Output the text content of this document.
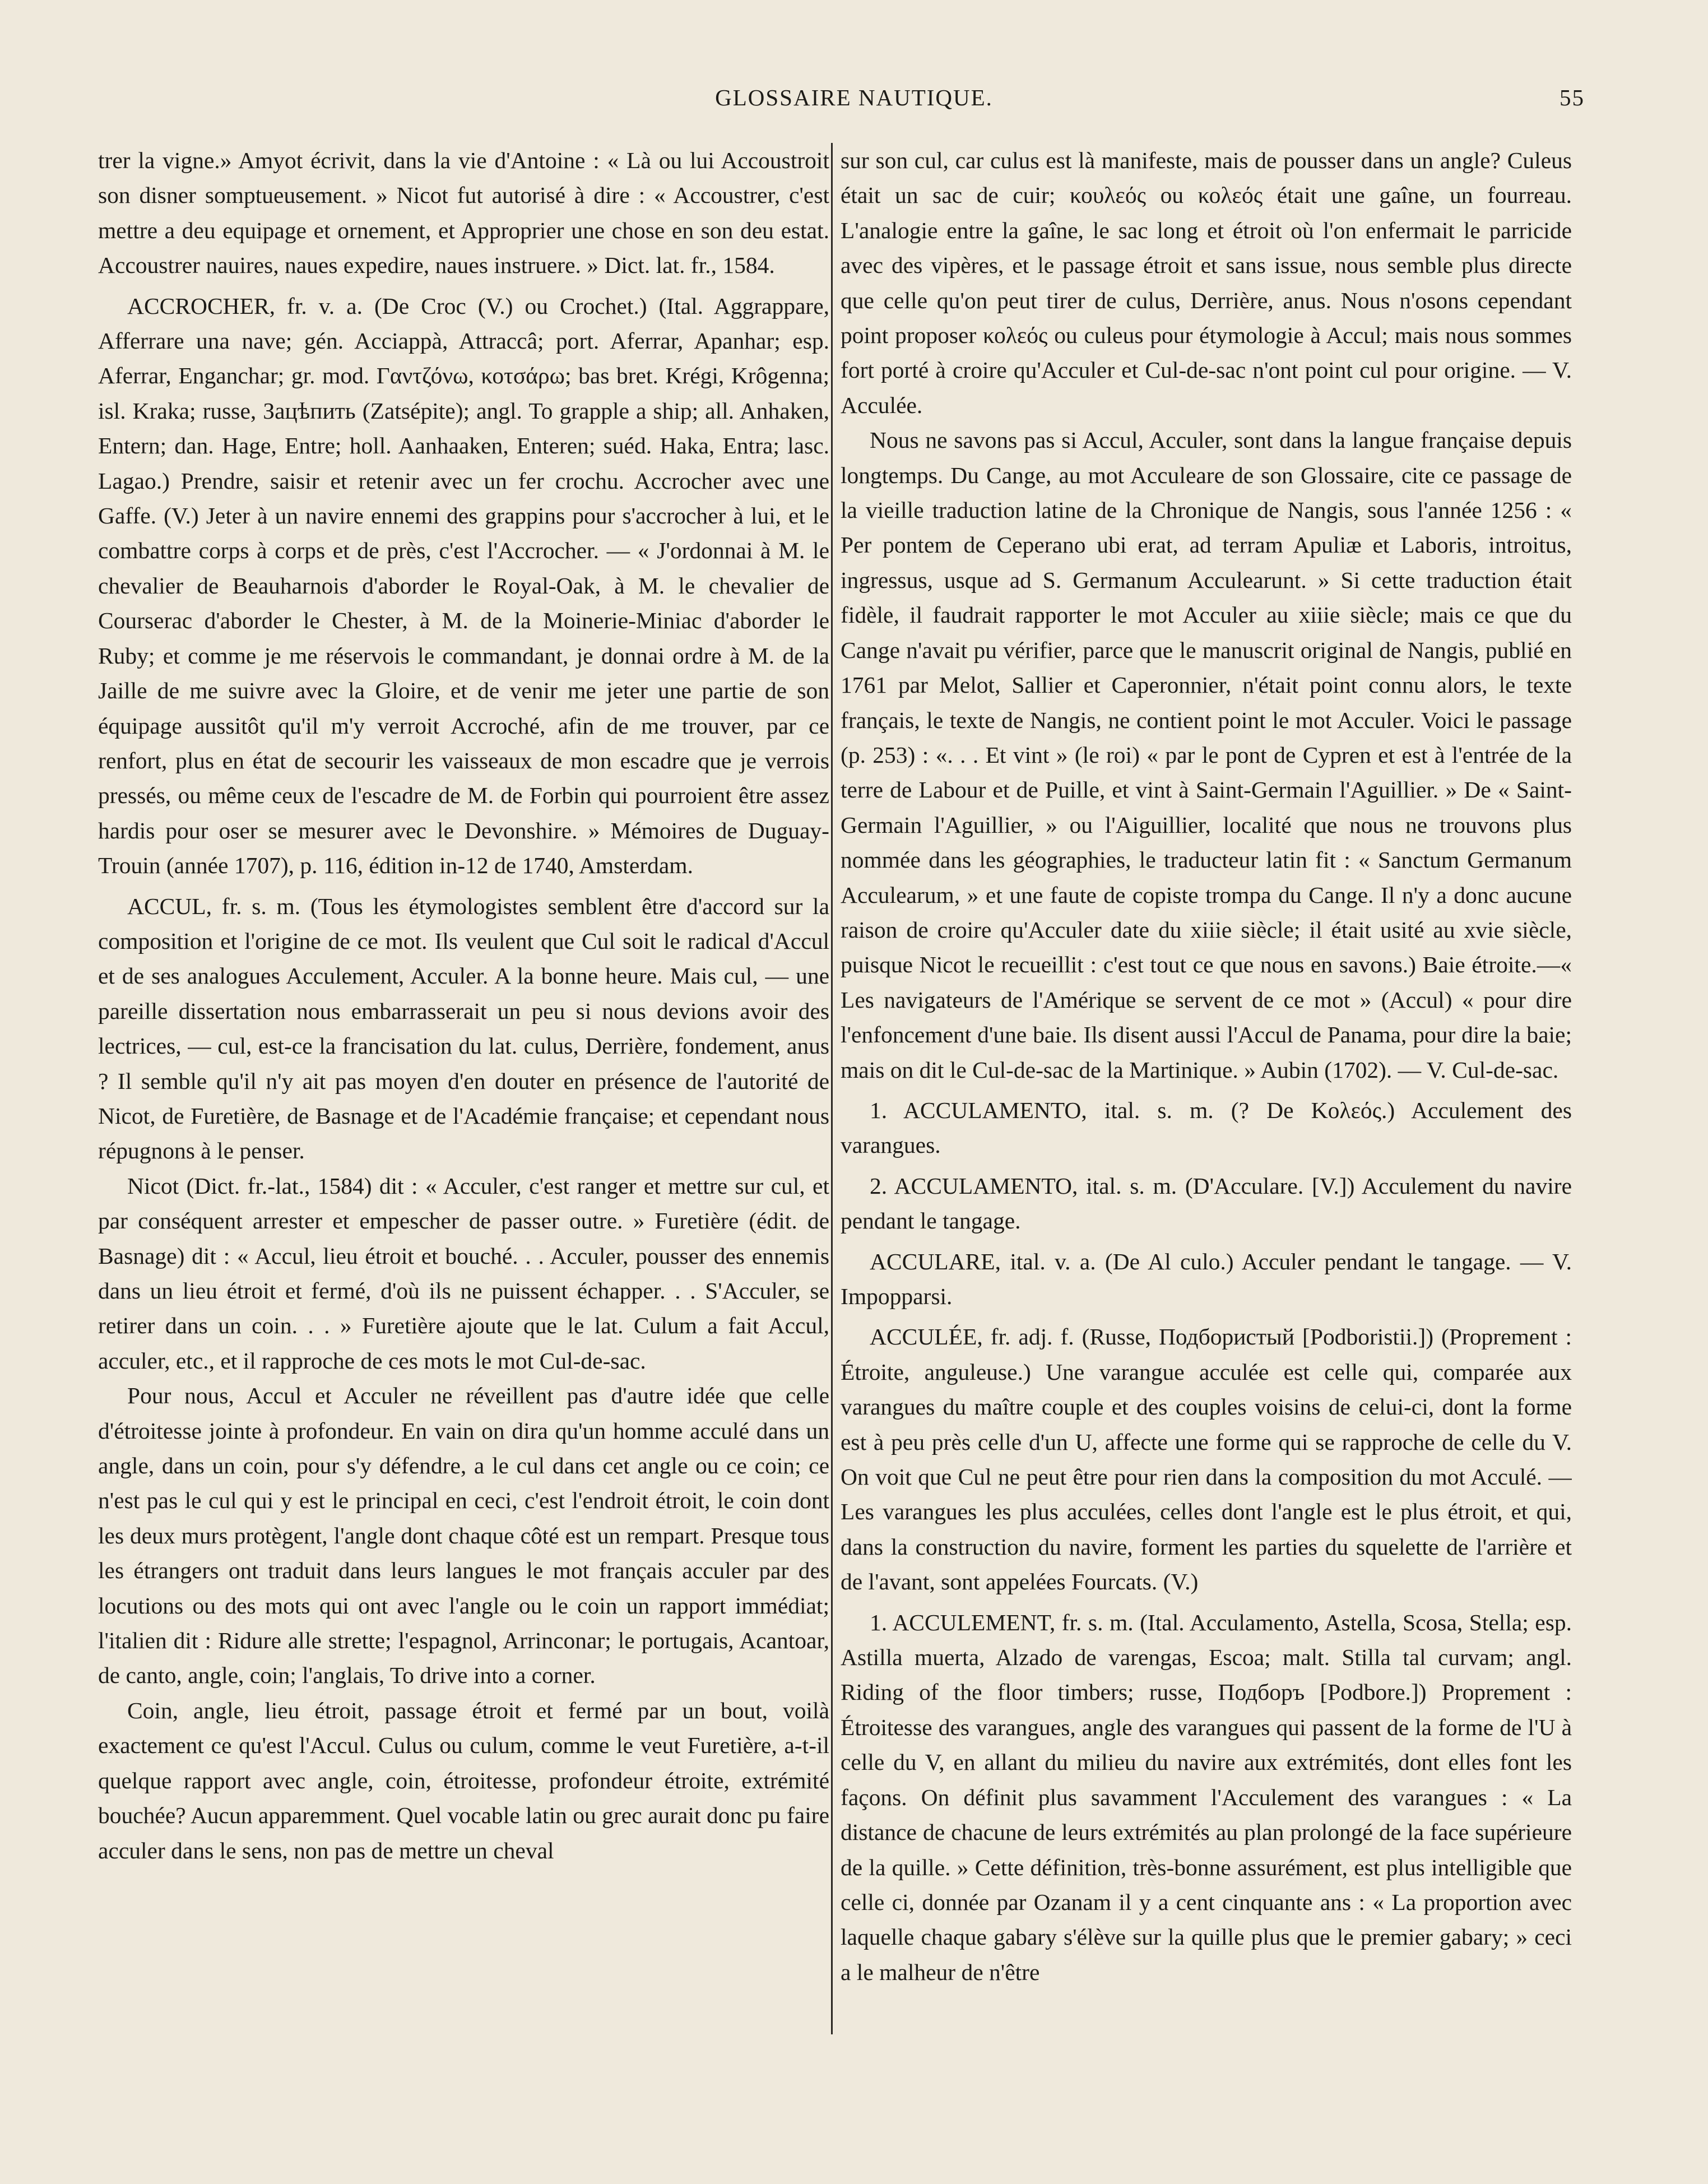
GLOSSAIRE NAUTIQUE.	55

trer la vigne.» Amyot écrivit, dans la vie d'Antoine : « Là ou lui Accoustroit son disner somptueusement. » Nicot fut autorisé à dire : « Accoustrer, c'est mettre a deu equipage et ornement, et Approprier une chose en son deu estat. Accoustrer nauires, naues expedire, naues instruere. » Dict. lat. fr., 1584.

ACCROCHER, fr. v. a. (De Croc (V.) ou Crochet.) (Ital. Aggrappare, Afferrare una nave; gén. Acciappà, Attraccâ; port. Aferrar, Apanhar; esp. Aferrar, Enganchar; gr. mod. Γαντζόνω, κοτσάρω; bas bret. Krégi, Krôgenna; isl. Kraka; russe, Зацѣпить (Zatsépite); angl. To grapple a ship; all. Anhaken, Entern; dan. Hage, Entre; holl. Aanhaaken, Enteren; suéd. Haka, Entra; lasc. Lagao.) Prendre, saisir et retenir avec un fer crochu. Accrocher avec une Gaffe. (V.) Jeter à un navire ennemi des grappins pour s'accrocher à lui, et le combattre corps à corps et de près, c'est l'Accrocher. — « J'ordonnai à M. le chevalier de Beauharnois d'aborder le Royal-Oak, à M. le chevalier de Courserac d'aborder le Chester, à M. de la Moinerie-Miniac d'aborder le Ruby; et comme je me réservois le commandant, je donnai ordre à M. de la Jaille de me suivre avec la Gloire, et de venir me jeter une partie de son équipage aussitôt qu'il m'y verroit Accroché, afin de me trouver, par ce renfort, plus en état de secourir les vaisseaux de mon escadre que je verrois pressés, ou même ceux de l'escadre de M. de Forbin qui pourroient être assez hardis pour oser se mesurer avec le Devonshire. » Mémoires de Duguay-Trouin (année 1707), p. 116, édition in-12 de 1740, Amsterdam.

ACCUL, fr. s. m. (Tous les étymologistes semblent être d'accord sur la composition et l'origine de ce mot. Ils veulent que Cul soit le radical d'Accul et de ses analogues Acculement, Acculer. A la bonne heure. Mais cul, — une pareille dissertation nous embarrasserait un peu si nous devions avoir des lectrices, — cul, est-ce la francisation du lat. culus, Derrière, fondement, anus ? Il semble qu'il n'y ait pas moyen d'en douter en présence de l'autorité de Nicot, de Furetière, de Basnage et de l'Académie française; et cependant nous répugnons à le penser.

Nicot (Dict. fr.-lat., 1584) dit : « Acculer, c'est ranger et mettre sur cul, et par conséquent arrester et empescher de passer outre. » Furetière (édit. de Basnage) dit : « Accul, lieu étroit et bouché. . . Acculer, pousser des ennemis dans un lieu étroit et fermé, d'où ils ne puissent échapper. . . S'Acculer, se retirer dans un coin. . . » Furetière ajoute que le lat. Culum a fait Accul, acculer, etc., et il rapproche de ces mots le mot Cul-de-sac.

Pour nous, Accul et Acculer ne réveillent pas d'autre idée que celle d'étroitesse jointe à profondeur. En vain on dira qu'un homme acculé dans un angle, dans un coin, pour s'y défendre, a le cul dans cet angle ou ce coin; ce n'est pas le cul qui y est le principal en ceci, c'est l'endroit étroit, le coin dont les deux murs protègent, l'angle dont chaque côté est un rempart. Presque tous les étrangers ont traduit dans leurs langues le mot français acculer par des locutions ou des mots qui ont avec l'angle ou le coin un rapport immédiat; l'italien dit : Ridure alle strette; l'espagnol, Arrinconar; le portugais, Acantoar, de canto, angle, coin; l'anglais, To drive into a corner.

Coin, angle, lieu étroit, passage étroit et fermé par un bout, voilà exactement ce qu'est l'Accul. Culus ou culum, comme le veut Furetière, a-t-il quelque rapport avec angle, coin, étroitesse, profondeur étroite, extrémité bouchée? Aucun apparemment. Quel vocable latin ou grec aurait donc pu faire acculer dans le sens, non pas de mettre un cheval

sur son cul, car culus est là manifeste, mais de pousser dans un angle? Culeus était un sac de cuir; κουλεός ou κολεός était une gaîne, un fourreau. L'analogie entre la gaîne, le sac long et étroit où l'on enfermait le parricide avec des vipères, et le passage étroit et sans issue, nous semble plus directe que celle qu'on peut tirer de culus, Derrière, anus. Nous n'osons cependant point proposer κολεός ou culeus pour étymologie à Accul; mais nous sommes fort porté à croire qu'Acculer et Cul-de-sac n'ont point cul pour origine. — V. Acculée.

Nous ne savons pas si Accul, Acculer, sont dans la langue française depuis longtemps. Du Cange, au mot Acculeare de son Glossaire, cite ce passage de la vieille traduction latine de la Chronique de Nangis, sous l'année 1256 : « Per pontem de Ceperano ubi erat, ad terram Apuliæ et Laboris, introitus, ingressus, usque ad S. Germanum Acculearunt. » Si cette traduction était fidèle, il faudrait rapporter le mot Acculer au xiiie siècle; mais ce que du Cange n'avait pu vérifier, parce que le manuscrit original de Nangis, publié en 1761 par Melot, Sallier et Caperonnier, n'était point connu alors, le texte français, le texte de Nangis, ne contient point le mot Acculer. Voici le passage (p. 253) : «. . . Et vint » (le roi) « par le pont de Cypren et est à l'entrée de la terre de Labour et de Puille, et vint à Saint-Germain l'Aguillier. » De « Saint-Germain l'Aguillier, » ou l'Aiguillier, localité que nous ne trouvons plus nommée dans les géographies, le traducteur latin fit : « Sanctum Germanum Acculearum, » et une faute de copiste trompa du Cange. Il n'y a donc aucune raison de croire qu'Acculer date du xiiie siècle; il était usité au xvie siècle, puisque Nicot le recueillit : c'est tout ce que nous en savons.) Baie étroite.—« Les navigateurs de l'Amérique se servent de ce mot » (Accul) « pour dire l'enfoncement d'une baie. Ils disent aussi l'Accul de Panama, pour dire la baie; mais on dit le Cul-de-sac de la Martinique. » Aubin (1702). — V. Cul-de-sac.

1. ACCULAMENTO, ital. s. m. (? De Κολεός.) Acculement des varangues.

2. ACCULAMENTO, ital. s. m. (D'Acculare. [V.]) Acculement du navire pendant le tangage.

ACCULARE, ital. v. a. (De Al culo.) Acculer pendant le tangage. — V. Impopparsi.

ACCULÉE, fr. adj. f. (Russe, Подбористый [Podboristii.]) (Proprement : Étroite, anguleuse.) Une varangue acculée est celle qui, comparée aux varangues du maître couple et des couples voisins de celui-ci, dont la forme est à peu près celle d'un U, affecte une forme qui se rapproche de celle du V. On voit que Cul ne peut être pour rien dans la composition du mot Acculé. — Les varangues les plus acculées, celles dont l'angle est le plus étroit, et qui, dans la construction du navire, forment les parties du squelette de l'arrière et de l'avant, sont appelées Fourcats. (V.)

1. ACCULEMENT, fr. s. m. (Ital. Acculamento, Astella, Scosa, Stella; esp. Astilla muerta, Alzado de varengas, Escoa; malt. Stilla tal curvam; angl. Riding of the floor timbers; russe, Подборъ [Podbore.]) Proprement : Étroitesse des varangues, angle des varangues qui passent de la forme de l'U à celle du V, en allant du milieu du navire aux extrémités, dont elles font les façons. On définit plus savamment l'Acculement des varangues : « La distance de chacune de leurs extrémités au plan prolongé de la face supérieure de la quille. » Cette définition, très-bonne assurément, est plus intelligible que celle ci, donnée par Ozanam il y a cent cinquante ans : « La proportion avec laquelle chaque gabary s'élève sur la quille plus que le premier gabary; » ceci a le malheur de n'être
